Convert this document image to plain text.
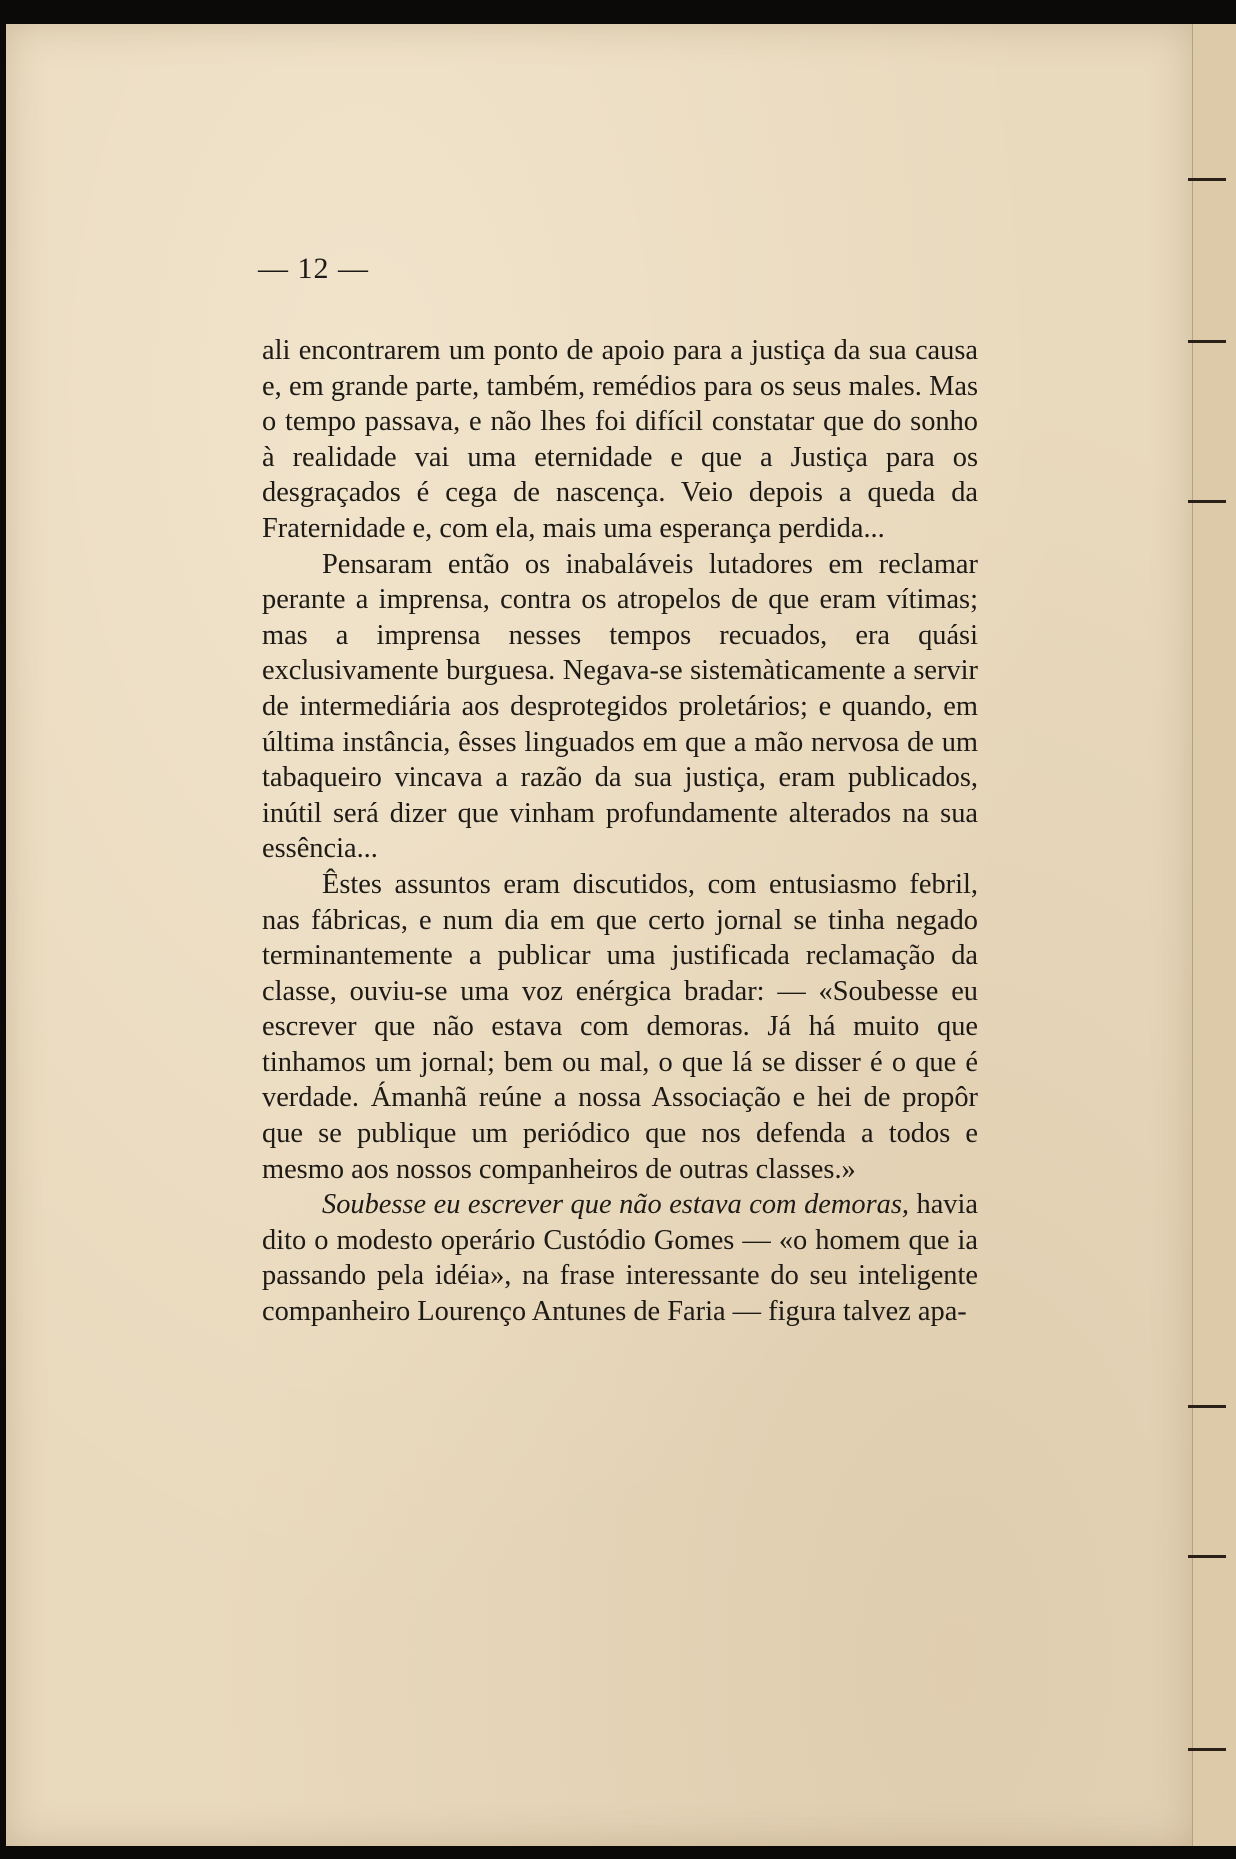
— 12 —

ali encontrarem um ponto de apoio para a justiça da sua causa e, em grande parte, também, remédios para os seus males. Mas o tempo passava, e não lhes foi difícil constatar que do sonho à realidade vai uma eternidade e que a Justiça para os desgraçados é cega de nascença. Veio depois a queda da Fraternidade e, com ela, mais uma esperança perdida...

Pensaram então os inabaláveis lutadores em reclamar perante a imprensa, contra os atropelos de que eram vítimas; mas a imprensa nesses tempos recuados, era quási exclusivamente burguesa. Negava-se sistemàticamente a servir de intermediária aos desprotegidos proletários; e quando, em última instância, êsses linguados em que a mão nervosa de um tabaqueiro vincava a razão da sua justiça, eram publicados, inútil será dizer que vinham profundamente alterados na sua essência...

Êstes assuntos eram discutidos, com entusiasmo febril, nas fábricas, e num dia em que certo jornal se tinha negado terminantemente a publicar uma justificada reclamação da classe, ouviu-se uma voz enérgica bradar: — «Soubesse eu escrever que não estava com demoras. Já há muito que tinhamos um jornal; bem ou mal, o que lá se disser é o que é verdade. Ámanhã reúne a nossa Associação e hei de propôr que se publique um periódico que nos defenda a todos e mesmo aos nossos companheiros de outras classes.»

Soubesse eu escrever que não estava com demoras, havia dito o modesto operário Custódio Gomes — «o homem que ia passando pela idéia», na frase interessante do seu inteligente companheiro Lourenço Antunes de Faria — figura talvez apa-
